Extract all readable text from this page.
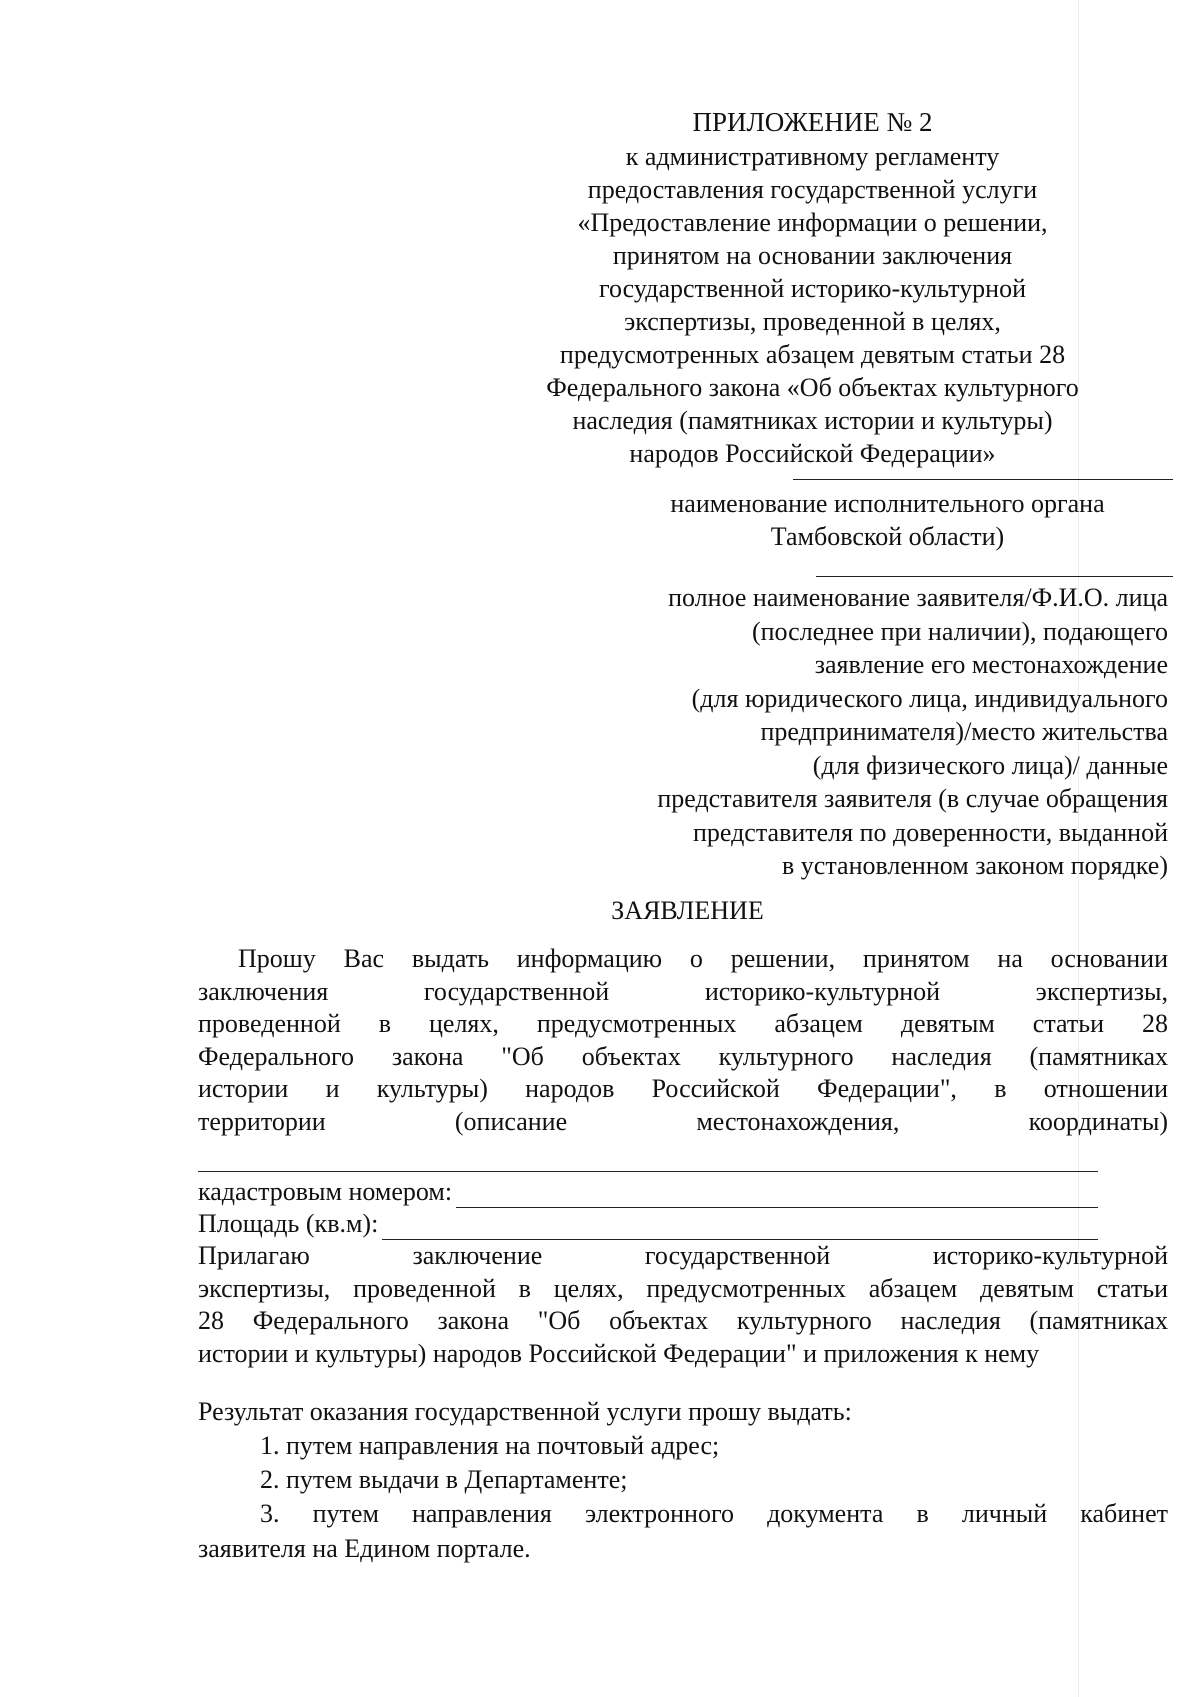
ПРИЛОЖЕНИЕ № 2
к административному регламенту
предоставления государственной услуги
«Предоставление информации о решении,
принятом на основании заключения
государственной историко-культурной
экспертизы, проведенной в целях,
предусмотренных абзацем девятым статьи 28
Федерального закона «Об объектах культурного
наследия (памятниках истории и культуры)
народов Российской Федерации»
наименование исполнительного органа
Тамбовской области)
полное наименование заявителя/Ф.И.О. лица
(последнее при наличии), подающего
заявление его местонахождение
(для юридического лица, индивидуального
предпринимателя)/место жительства
(для физического лица)/ данные
представителя заявителя (в случае обращения
представителя по доверенности, выданной
в установленном законом порядке)
ЗАЯВЛЕНИЕ
Прошу Вас выдать информацию о решении, принятом на основании
заключения государственной историко-культурной экспертизы,
проведенной в целях, предусмотренных абзацем девятым статьи 28
Федерального закона "Об объектах культурного наследия (памятниках
истории и культуры) народов Российской Федерации", в отношении
территории (описание местонахождения, координаты)
кадастровым номером:
Площадь (кв.м):
Прилагаю заключение государственной историко-культурной
экспертизы, проведенной в целях, предусмотренных абзацем девятым статьи
28 Федерального закона "Об объектах культурного наследия (памятниках
истории и культуры) народов Российской Федерации" и приложения к нему
Результат оказания государственной услуги прошу выдать:
1. путем направления на почтовый адрес;
2. путем выдачи в Департаменте;
3. путем направления электронного документа в личный кабинет
заявителя на Едином портале.
